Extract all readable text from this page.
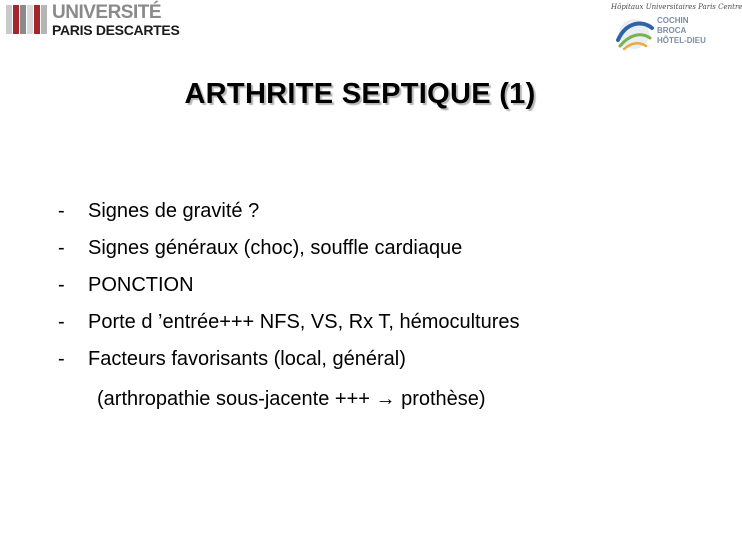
UNIVERSITÉ
PARIS DESCARTES
Hôpitaux Universitaires Paris Centre
COCHIN
BROCA
HÔTEL-DIEU
ARTHRITE SEPTIQUE (1)
- Signes de gravité ?
- Signes généraux (choc), souffle cardiaque
- PONCTION
- Porte d ’entrée+++ NFS, VS, Rx T, hémocultures
- Facteurs favorisants (local, général)
(arthropathie sous-jacente +++ → prothèse)
